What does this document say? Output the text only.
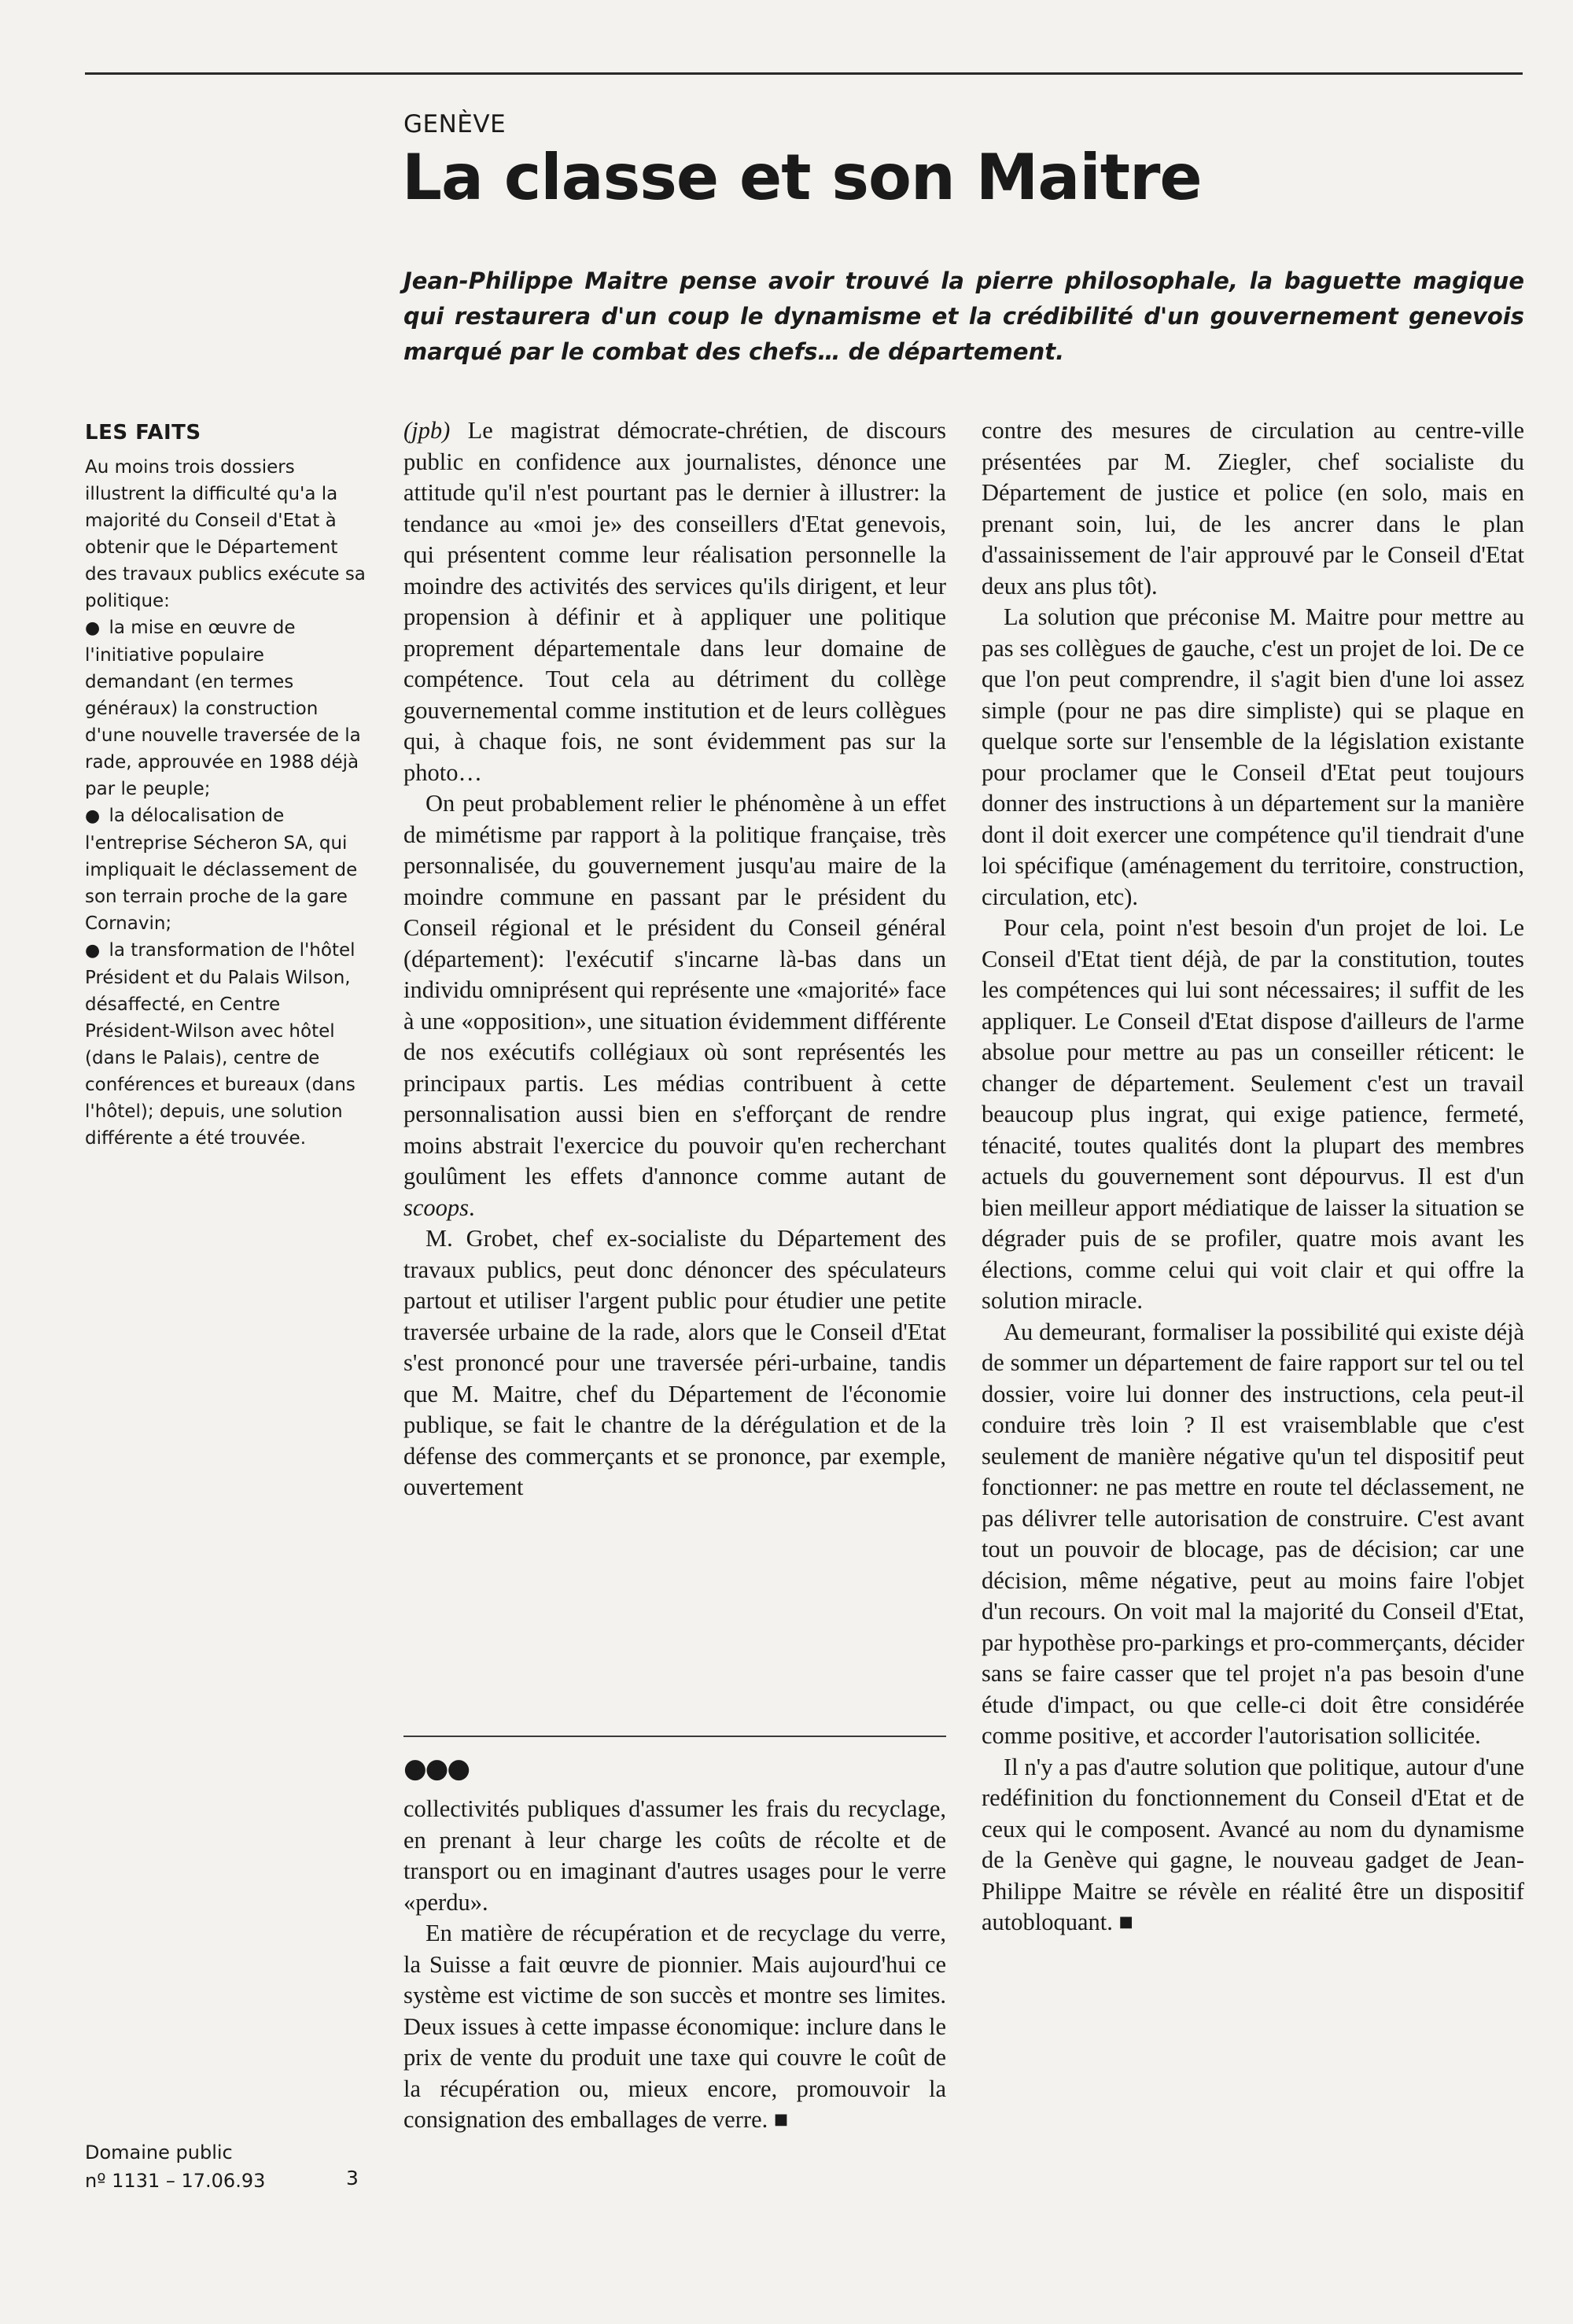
GENÈVE
La classe et son Maitre

Jean-Philippe Maitre pense avoir trouvé la pierre philosophale, la baguette magique qui restaurera d'un coup le dynamisme et la crédibilité d'un gouvernement genevois marqué par le combat des chefs… de département.

LES FAITS

Au moins trois dossiers illustrent la difficulté qu'a la majorité du Conseil d'Etat à obtenir que le Département des travaux publics exécute sa politique:

● la mise en œuvre de l'initiative populaire demandant (en termes généraux) la construction d'une nouvelle traversée de la rade, approuvée en 1988 déjà par le peuple;
● la délocalisation de l'entreprise Sécheron SA, qui impliquait le déclassement de son terrain proche de la gare Cornavin;
● la transformation de l'hôtel Président et du Palais Wilson, désaffecté, en Centre Président-Wilson avec hôtel (dans le Palais), centre de conférences et bureaux (dans l'hôtel); depuis, une solution différente a été trouvée.

(jpb) Le magistrat démocrate-chrétien, de discours public en confidence aux journalistes, dénonce une attitude qu'il n'est pourtant pas le dernier à illustrer: la tendance au «moi je» des conseillers d'Etat genevois, qui présentent comme leur réalisation personnelle la moindre des activités des services qu'ils dirigent, et leur propension à définir et à appliquer une politique proprement départementale dans leur domaine de compétence. Tout cela au détriment du collège gouvernemental comme institution et de leurs collègues qui, à chaque fois, ne sont évidemment pas sur la photo…

On peut probablement relier le phénomène à un effet de mimétisme par rapport à la politique française, très personnalisée, du gouvernement jusqu'au maire de la moindre commune en passant par le président du Conseil régional et le président du Conseil général (département): l'exécutif s'incarne là-bas dans un individu omniprésent qui représente une «majorité» face à une «opposition», une situation évidemment différente de nos exécutifs collégiaux où sont représentés les principaux partis. Les médias contribuent à cette personnalisation aussi bien en s'efforçant de rendre moins abstrait l'exercice du pouvoir qu'en recherchant goulûment les effets d'annonce comme autant de scoops.

M. Grobet, chef ex-socialiste du Département des travaux publics, peut donc dénoncer des spéculateurs partout et utiliser l'argent public pour étudier une petite traversée urbaine de la rade, alors que le Conseil d'Etat s'est prononcé pour une traversée péri-urbaine, tandis que M. Maitre, chef du Département de l'économie publique, se fait le chantre de la dérégulation et de la défense des commerçants et se prononce, par exemple, ouvertement

contre des mesures de circulation au centre-ville présentées par M. Ziegler, chef socialiste du Département de justice et police (en solo, mais en prenant soin, lui, de les ancrer dans le plan d'assainissement de l'air approuvé par le Conseil d'Etat deux ans plus tôt).

La solution que préconise M. Maitre pour mettre au pas ses collègues de gauche, c'est un projet de loi. De ce que l'on peut comprendre, il s'agit bien d'une loi assez simple (pour ne pas dire simpliste) qui se plaque en quelque sorte sur l'ensemble de la législation existante pour proclamer que le Conseil d'Etat peut toujours donner des instructions à un département sur la manière dont il doit exercer une compétence qu'il tiendrait d'une loi spécifique (aménagement du territoire, construction, circulation, etc).

Pour cela, point n'est besoin d'un projet de loi. Le Conseil d'Etat tient déjà, de par la constitution, toutes les compétences qui lui sont nécessaires; il suffit de les appliquer. Le Conseil d'Etat dispose d'ailleurs de l'arme absolue pour mettre au pas un conseiller réticent: le changer de département. Seulement c'est un travail beaucoup plus ingrat, qui exige patience, fermeté, ténacité, toutes qualités dont la plupart des membres actuels du gouvernement sont dépourvus. Il est d'un bien meilleur apport médiatique de laisser la situation se dégrader puis de se profiler, quatre mois avant les élections, comme celui qui voit clair et qui offre la solution miracle.

Au demeurant, formaliser la possibilité qui existe déjà de sommer un département de faire rapport sur tel ou tel dossier, voire lui donner des instructions, cela peut-il conduire très loin ? Il est vraisemblable que c'est seulement de manière négative qu'un tel dispositif peut fonctionner: ne pas mettre en route tel déclassement, ne pas délivrer telle autorisation de construire. C'est avant tout un pouvoir de blocage, pas de décision; car une décision, même négative, peut au moins faire l'objet d'un recours. On voit mal la majorité du Conseil d'Etat, par hypothèse pro-parkings et pro-commerçants, décider sans se faire casser que tel projet n'a pas besoin d'une étude d'impact, ou que celle-ci doit être considérée comme positive, et accorder l'autorisation sollicitée.

Il n'y a pas d'autre solution que politique, autour d'une redéfinition du fonctionnement du Conseil d'Etat et de ceux qui le composent. Avancé au nom du dynamisme de la Genève qui gagne, le nouveau gadget de Jean-Philippe Maitre se révèle en réalité être un dispositif autobloquant. ■

●●●

collectivités publiques d'assumer les frais du recyclage, en prenant à leur charge les coûts de récolte et de transport ou en imaginant d'autres usages pour le verre «perdu».

En matière de récupération et de recyclage du verre, la Suisse a fait œuvre de pionnier. Mais aujourd'hui ce système est victime de son succès et montre ses limites. Deux issues à cette impasse économique: inclure dans le prix de vente du produit une taxe qui couvre le coût de la récupération ou, mieux encore, promouvoir la consignation des emballages de verre. ■

Domaine public
nº 1131 – 17.06.93	3
